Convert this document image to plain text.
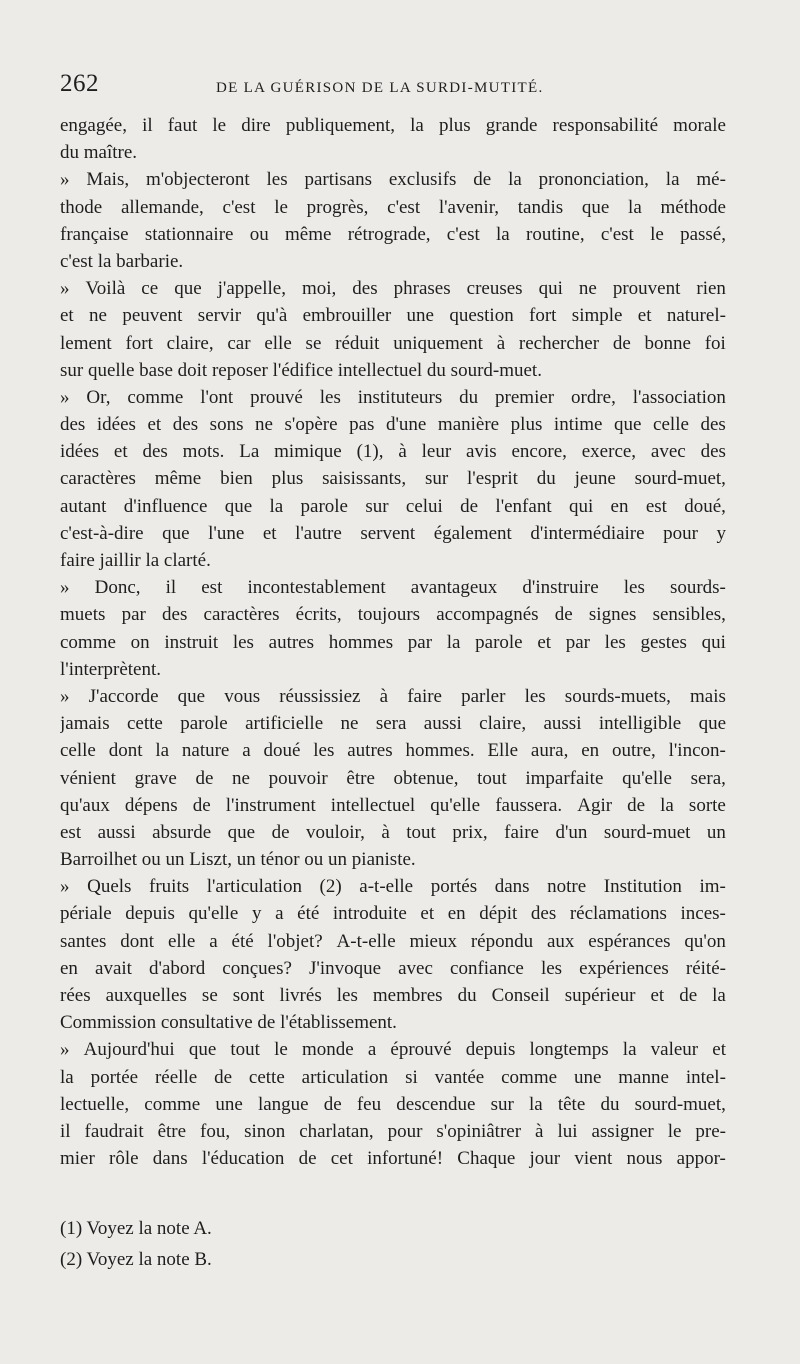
262	DE LA GUÉRISON DE LA SURDI-MUTITÉ.
engagée, il faut le dire publiquement, la plus grande responsabilité morale
du maître.
» Mais, m'objecteront les partisans exclusifs de la prononciation, la mé-
thode allemande, c'est le progrès, c'est l'avenir, tandis que la méthode
française stationnaire ou même rétrograde, c'est la routine, c'est le passé,
c'est la barbarie.
» Voilà ce que j'appelle, moi, des phrases creuses qui ne prouvent rien
et ne peuvent servir qu'à embrouiller une question fort simple et naturel-
lement fort claire, car elle se réduit uniquement à rechercher de bonne foi
sur quelle base doit reposer l'édifice intellectuel du sourd-muet.
» Or, comme l'ont prouvé les instituteurs du premier ordre, l'association
des idées et des sons ne s'opère pas d'une manière plus intime que celle des
idées et des mots. La mimique (1), à leur avis encore, exerce, avec des
caractères même bien plus saisissants, sur l'esprit du jeune sourd-muet,
autant d'influence que la parole sur celui de l'enfant qui en est doué,
c'est-à-dire que l'une et l'autre servent également d'intermédiaire pour y
faire jaillir la clarté.
» Donc, il est incontestablement avantageux d'instruire les sourds-
muets par des caractères écrits, toujours accompagnés de signes sensibles,
comme on instruit les autres hommes par la parole et par les gestes qui
l'interprètent.
» J'accorde que vous réussissiez à faire parler les sourds-muets, mais
jamais cette parole artificielle ne sera aussi claire, aussi intelligible que
celle dont la nature a doué les autres hommes. Elle aura, en outre, l'incon-
vénient grave de ne pouvoir être obtenue, tout imparfaite qu'elle sera,
qu'aux dépens de l'instrument intellectuel qu'elle faussera. Agir de la sorte
est aussi absurde que de vouloir, à tout prix, faire d'un sourd-muet un
Barroilhet ou un Liszt, un ténor ou un pianiste.
» Quels fruits l'articulation (2) a-t-elle portés dans notre Institution im-
périale depuis qu'elle y a été introduite et en dépit des réclamations inces-
santes dont elle a été l'objet? A-t-elle mieux répondu aux espérances qu'on
en avait d'abord conçues? J'invoque avec confiance les expériences réité-
rées auxquelles se sont livrés les membres du Conseil supérieur et de la
Commission consultative de l'établissement.
» Aujourd'hui que tout le monde a éprouvé depuis longtemps la valeur et
la portée réelle de cette articulation si vantée comme une manne intel-
lectuelle, comme une langue de feu descendue sur la tête du sourd-muet,
il faudrait être fou, sinon charlatan, pour s'opiniâtrer à lui assigner le pre-
mier rôle dans l'éducation de cet infortuné! Chaque jour vient nous appor-
(1) Voyez la note A.
(2) Voyez la note B.
